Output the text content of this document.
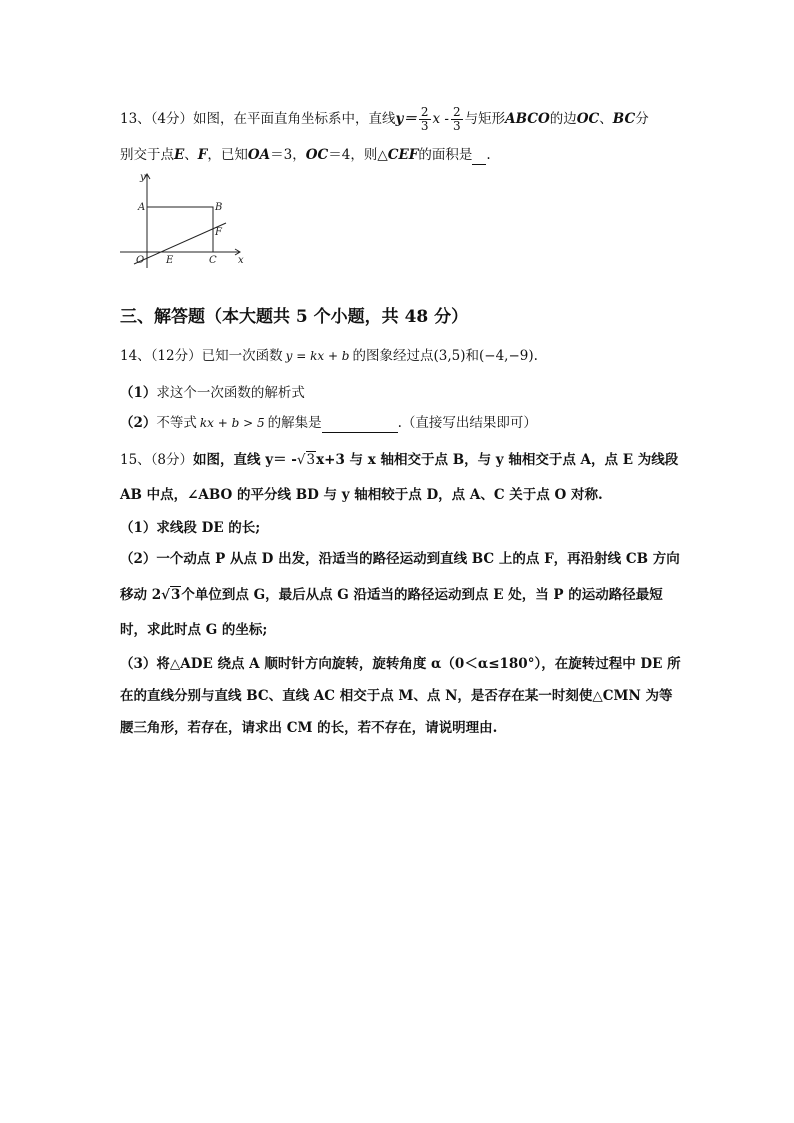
13、（4分）如图，在平面直角坐标系中，直线$y= \frac{2}{3}$ x - $\frac{2}{3}$ 与矩形ABCO的边OC、BC分
别交于点E、F，已知OA＝3，OC＝4，则△CEF的面积是 .
y
x
A	B
F
O E	C
三、解答题（本大题共 5 个小题，共 48 分）
14、（12分）已知一次函数 y = kx + b 的图象经过点(3,5)和(−4,−9).
（1）求这个一次函数的解析式
（2）不等式 kx + b > 5 的解集是	.（直接写出结果即可）
15、（8分）如图，直线 y＝ -√3x+3 与 x 轴相交于点 B，与 y 轴相交于点 A，点 E 为线段
AB 中点，∠ABO 的平分线 BD 与 y 轴相较于点 D，点 A、C 关于点 O 对称.
（1）求线段 DE 的长;
（2）一个动点 P 从点 D 出发，沿适当的路径运动到直线 BC 上的点 F，再沿射线 CB 方向
移动 2√3个单位到点 G，最后从点 G 沿适当的路径运动到点 E 处，当 P 的运动路径最短
时，求此时点 G 的坐标;
（3）将△ADE 绕点 A 顺时针方向旋转，旋转角度 α（0＜α≤180°），在旋转过程中 DE 所
在的直线分别与直线 BC、直线 AC 相交于点 M、点 N，是否存在某一时刻使△CMN 为等
腰三角形，若存在，请求出 CM 的长，若不存在，请说明理由.
